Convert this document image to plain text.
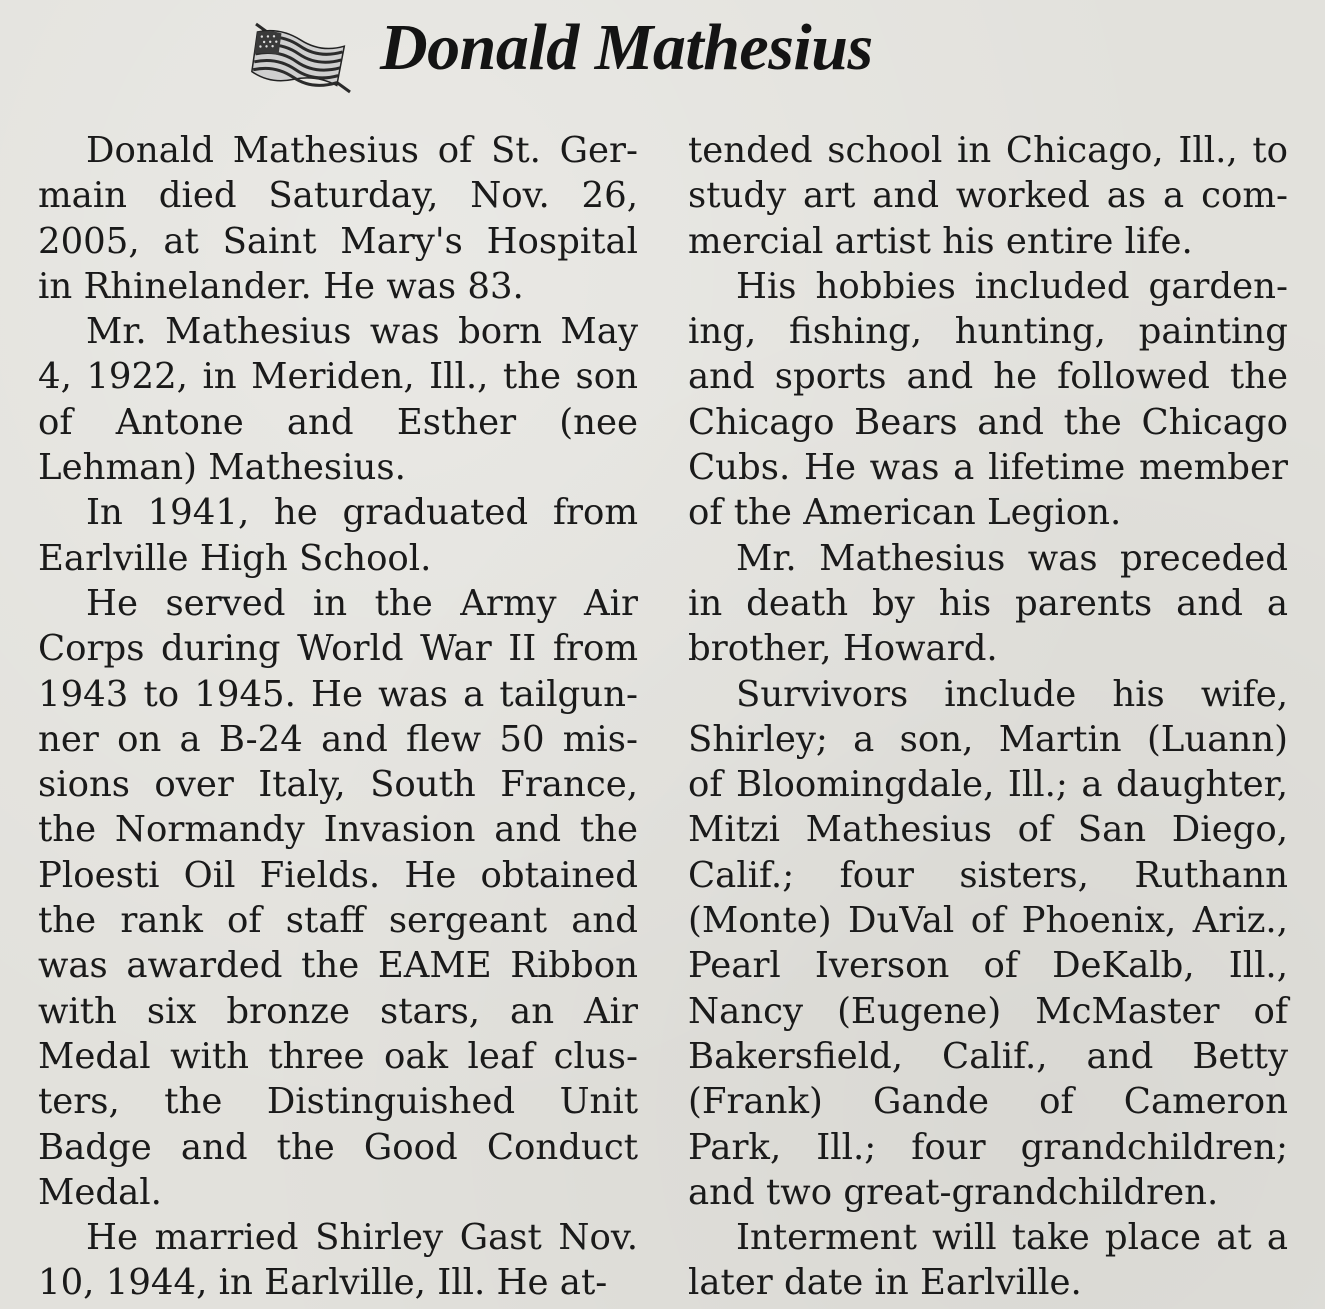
Donald Mathesius
Donald Mathesius of St. Ger-
main died Saturday, Nov. 26,
2005, at Saint Mary's Hospital
in Rhinelander. He was 83.
Mr. Mathesius was born May
4, 1922, in Meriden, Ill., the son
of Antone and Esther (nee
Lehman) Mathesius.
In 1941, he graduated from
Earlville High School.
He served in the Army Air
Corps during World War II from
1943 to 1945. He was a tailgun-
ner on a B-24 and flew 50 mis-
sions over Italy, South France,
the Normandy Invasion and the
Ploesti Oil Fields. He obtained
the rank of staff sergeant and
was awarded the EAME Ribbon
with six bronze stars, an Air
Medal with three oak leaf clus-
ters, the Distinguished Unit
Badge and the Good Conduct
Medal.
He married Shirley Gast Nov.
10, 1944, in Earlville, Ill. He at-
tended school in Chicago, Ill., to
study art and worked as a com-
mercial artist his entire life.
His hobbies included garden-
ing, fishing, hunting, painting
and sports and he followed the
Chicago Bears and the Chicago
Cubs. He was a lifetime member
of the American Legion.
Mr. Mathesius was preceded
in death by his parents and a
brother, Howard.
Survivors include his wife,
Shirley; a son, Martin (Luann)
of Bloomingdale, Ill.; a daughter,
Mitzi Mathesius of San Diego,
Calif.; four sisters, Ruthann
(Monte) DuVal of Phoenix, Ariz.,
Pearl Iverson of DeKalb, Ill.,
Nancy (Eugene) McMaster of
Bakersfield, Calif., and Betty
(Frank) Gande of Cameron
Park, Ill.; four grandchildren;
and two great-grandchildren.
Interment will take place at a
later date in Earlville.
